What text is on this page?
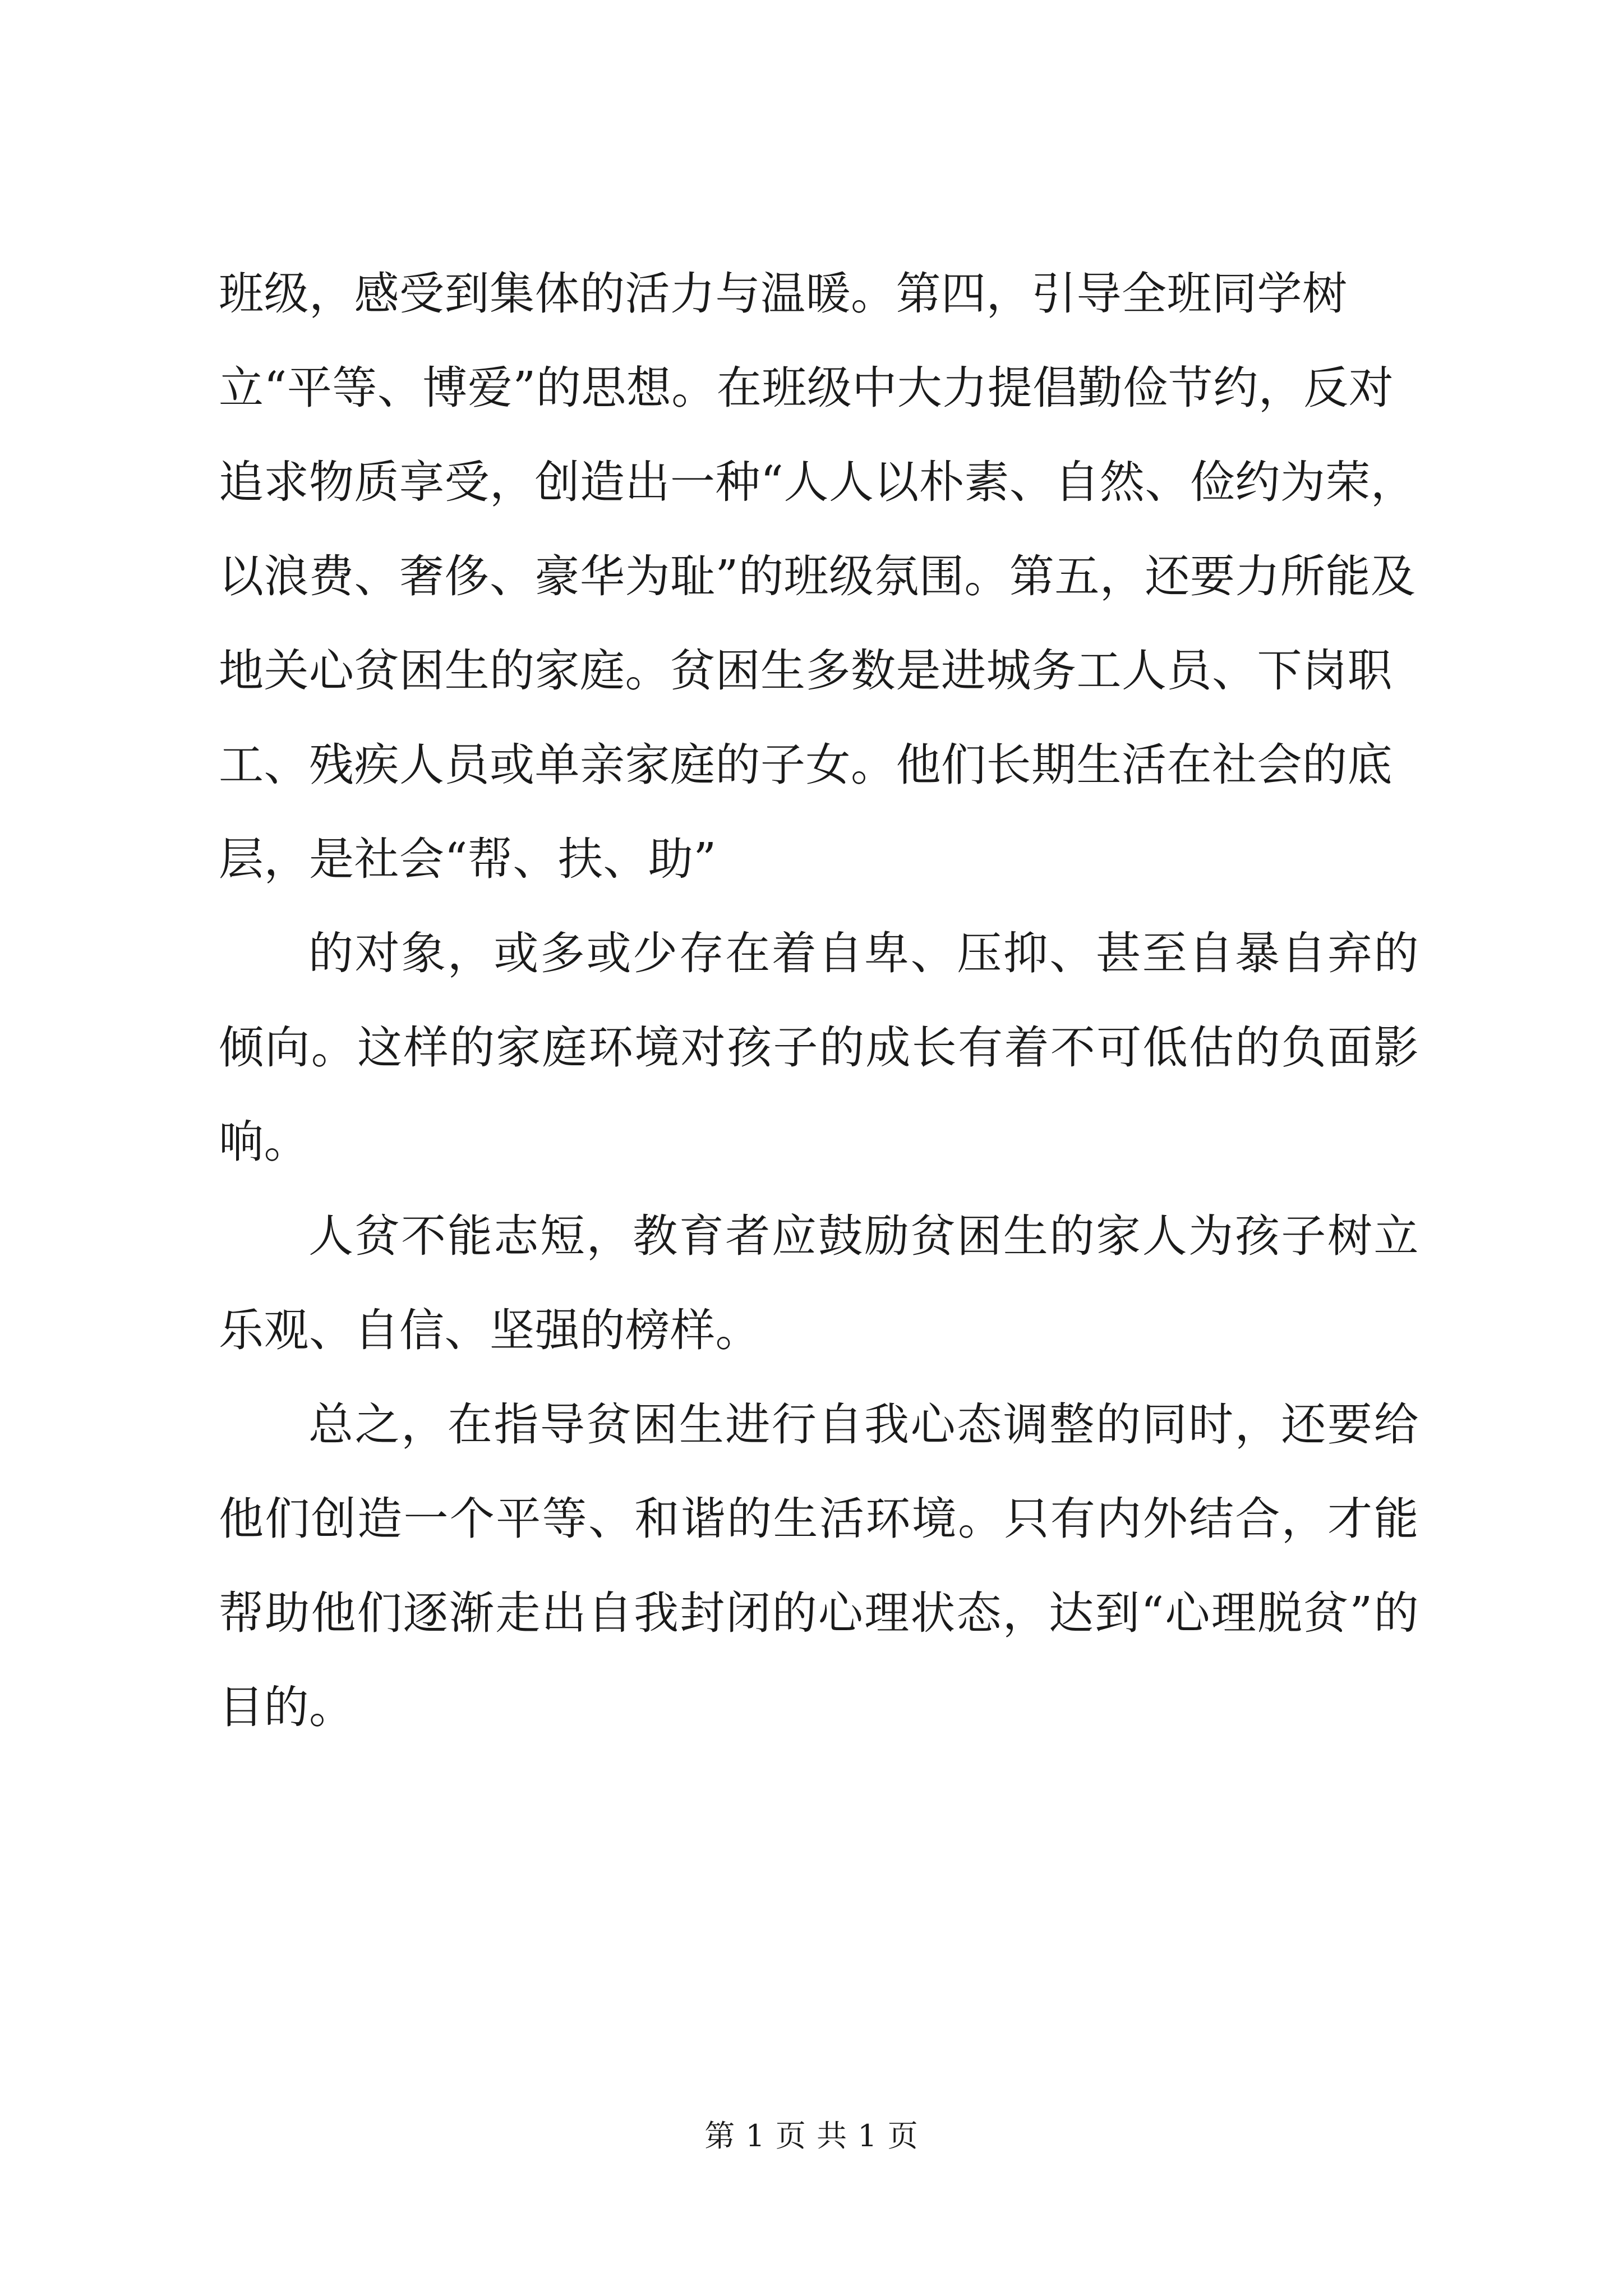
班级，感受到集体的活力与温暖。第四，引导全班同学树立“平等、博爱”的思想。在班级中大力提倡勤俭节约，反对追求物质享受，创造出一种“人人以朴素、自然、俭约为荣，以浪费、奢侈、豪华为耻”的班级氛围。第五，还要力所能及地关心贫困生的家庭。贫困生多数是进城务工人员、下岗职工、残疾人员或单亲家庭的子女。他们长期生活在社会的底层，是社会“帮、扶、助”

的对象，或多或少存在着自卑、压抑、甚至自暴自弃的倾向。这样的家庭环境对孩子的成长有着不可低估的负面影响。

人贫不能志短，教育者应鼓励贫困生的家人为孩子树立乐观、自信、坚强的榜样。

总之，在指导贫困生进行自我心态调整的同时，还要给他们创造一个平等、和谐的生活环境。只有内外结合，才能帮助他们逐渐走出自我封闭的心理状态，达到“心理脱贫”的目的。

第 1 页 共 1 页
